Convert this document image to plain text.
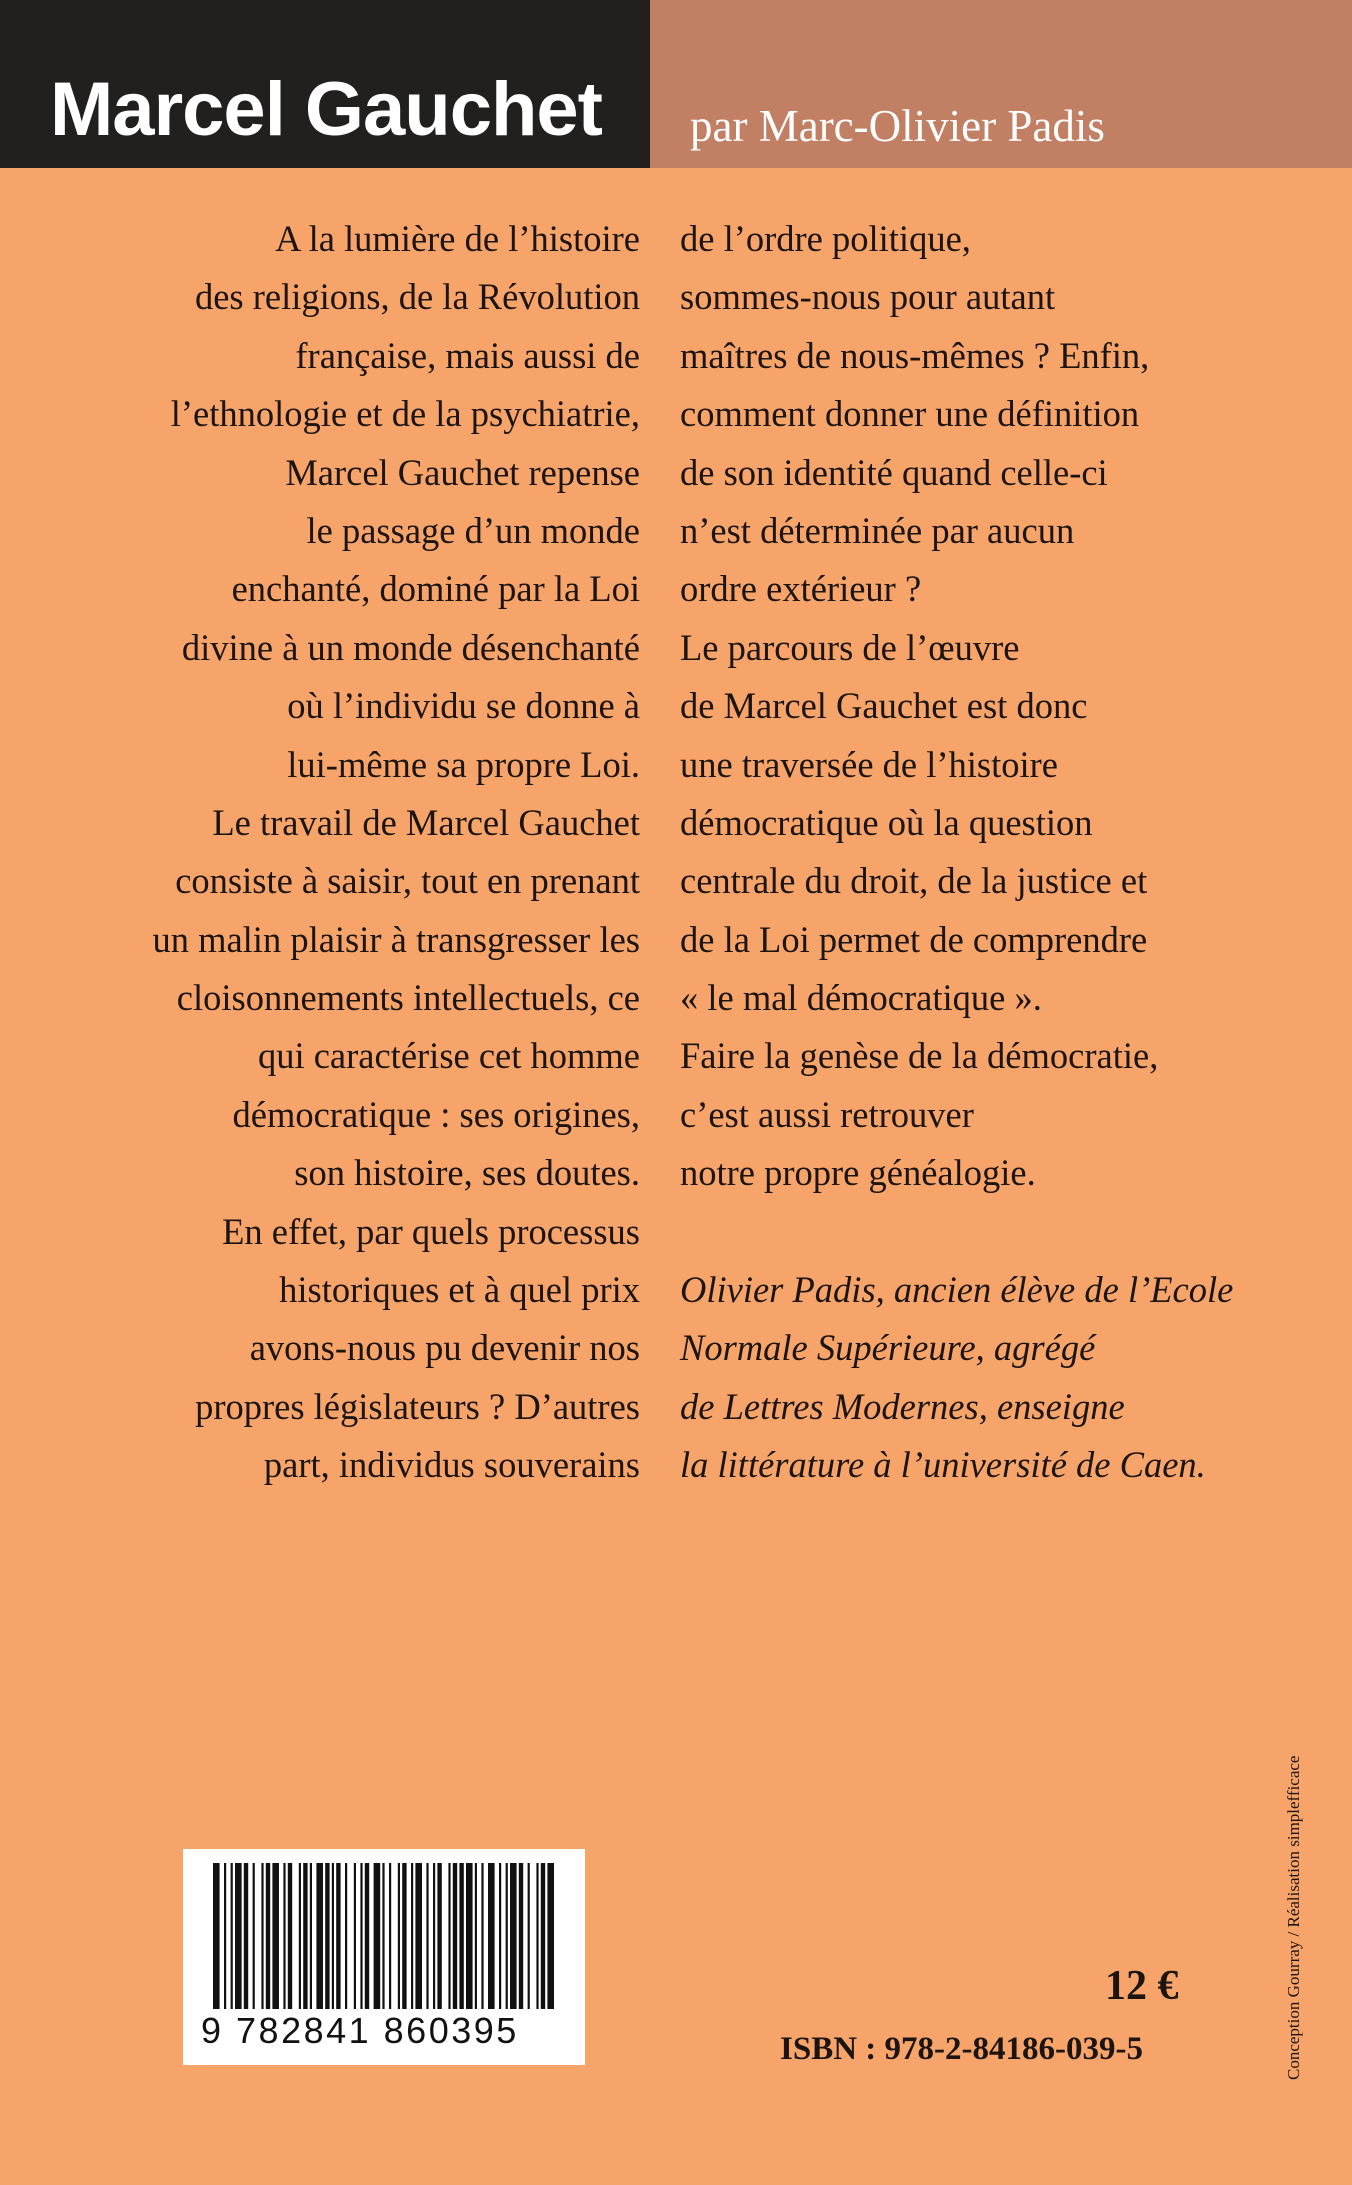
Marcel Gauchet par Marc-Olivier Padis
A la lumière de l’histoire
des religions, de la Révolution
française, mais aussi de
l’ethnologie et de la psychiatrie,
Marcel Gauchet repense
le passage d’un monde
enchanté, dominé par la Loi
divine à un monde désenchanté
où l’individu se donne à
lui-même sa propre Loi.
Le travail de Marcel Gauchet
consiste à saisir, tout en prenant
un malin plaisir à transgresser les
cloisonnements intellectuels, ce
qui caractérise cet homme
démocratique : ses origines,
son histoire, ses doutes.
En effet, par quels processus
historiques et à quel prix
avons-nous pu devenir nos
propres législateurs ? D’autres
part, individus souverains
de l’ordre politique,
sommes-nous pour autant
maîtres de nous-mêmes ? Enfin,
comment donner une définition
de son identité quand celle-ci
n’est déterminée par aucun
ordre extérieur ?
Le parcours de l’œuvre
de Marcel Gauchet est donc
une traversée de l’histoire
démocratique où la question
centrale du droit, de la justice et
de la Loi permet de comprendre
« le mal démocratique ».
Faire la genèse de la démocratie,
c’est aussi retrouver
notre propre généalogie.
Olivier Padis, ancien élève de l’Ecole
Normale Supérieure, agrégé
de Lettres Modernes, enseigne
la littérature à l’université de Caen.
9 782841 860395
12 €
ISBN : 978-2-84186-039-5	Conception Gourray / Réalisation simplefficace
